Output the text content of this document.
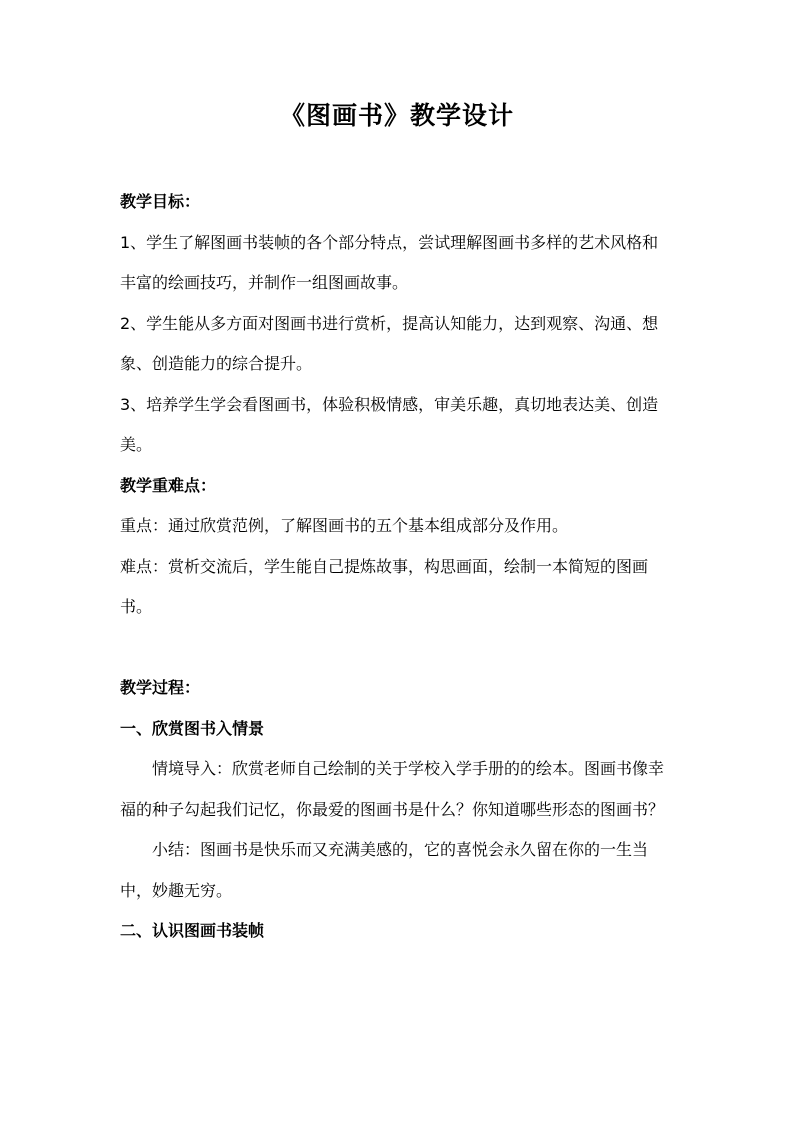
《图画书》教学设计

教学目标：

1、学生了解图画书装帧的各个部分特点，尝试理解图画书多样的艺术风格和丰富的绘画技巧，并制作一组图画故事。

2、学生能从多方面对图画书进行赏析，提高认知能力，达到观察、沟通、想象、创造能力的综合提升。

3、培养学生学会看图画书，体验积极情感，审美乐趣，真切地表达美、创造美。

教学重难点：

重点：通过欣赏范例，了解图画书的五个基本组成部分及作用。

难点：赏析交流后，学生能自己提炼故事，构思画面，绘制一本简短的图画书。

教学过程：

一、欣赏图书入情景

情境导入：欣赏老师自己绘制的关于学校入学手册的的绘本。图画书像幸福的种子勾起我们记忆，你最爱的图画书是什么？你知道哪些形态的图画书？

小结：图画书是快乐而又充满美感的，它的喜悦会永久留在你的一生当中，妙趣无穷。

二、认识图画书装帧
